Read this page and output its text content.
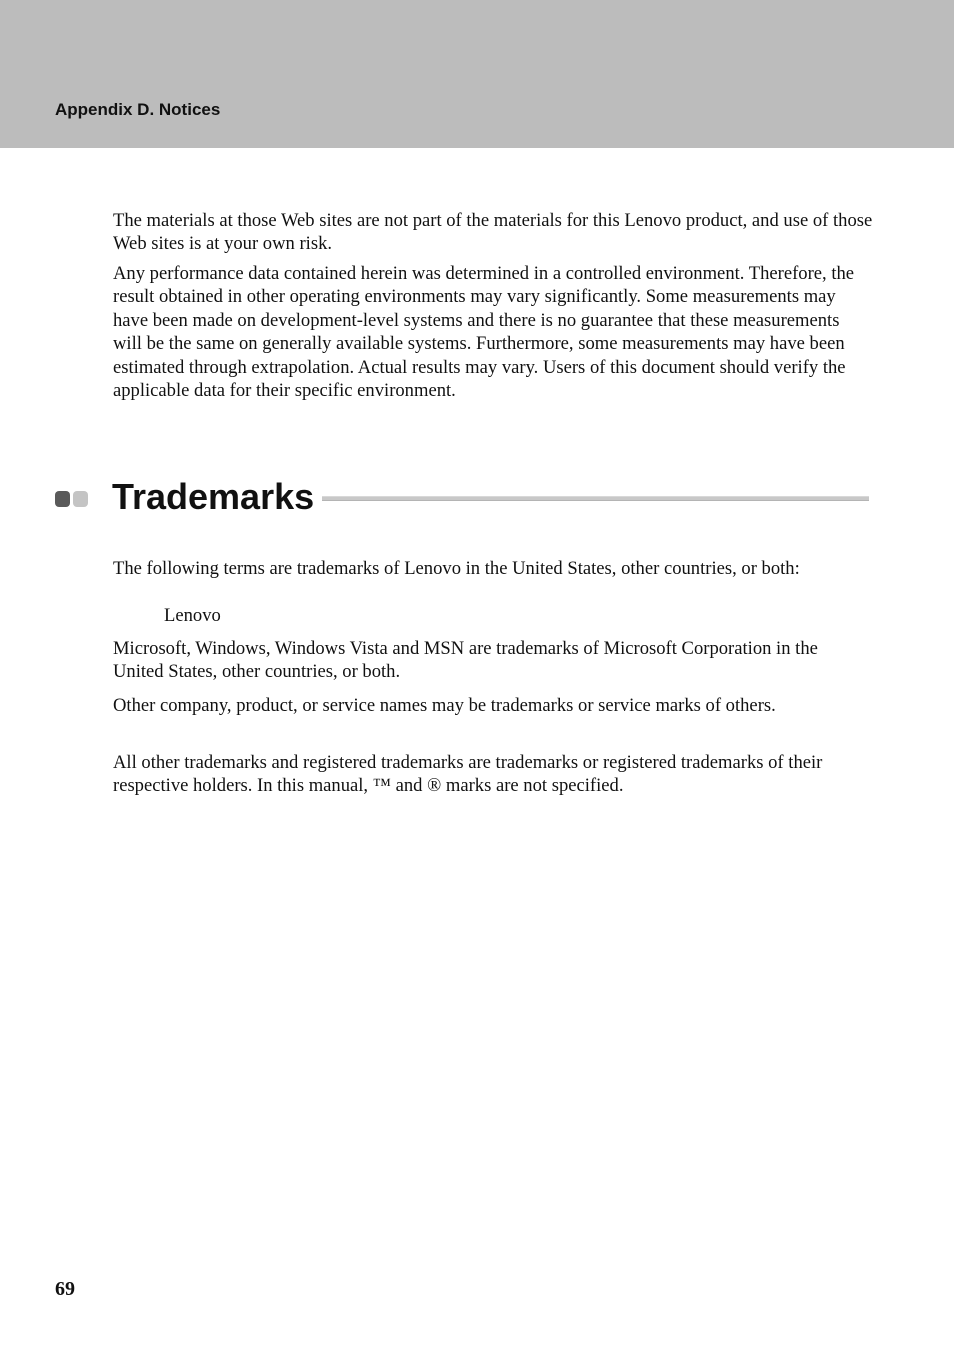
Appendix D. Notices

The materials at those Web sites are not part of the materials for this Lenovo product, and use of those Web sites is at your own risk.

Any performance data contained herein was determined in a controlled environment. Therefore, the result obtained in other operating environments may vary significantly. Some measurements may have been made on development-level systems and there is no guarantee that these measurements will be the same on generally available systems. Furthermore, some measurements may have been estimated through extrapolation. Actual results may vary. Users of this document should verify the applicable data for their specific environment.

Trademarks

The following terms are trademarks of Lenovo in the United States, other countries, or both:

Lenovo

Microsoft, Windows, Windows Vista and MSN are trademarks of Microsoft Corporation in the United States, other countries, or both.

Other company, product, or service names may be trademarks or service marks of others.

All other trademarks and registered trademarks are trademarks or registered trademarks of their respective holders. In this manual, ™ and ® marks are not specified.

69
